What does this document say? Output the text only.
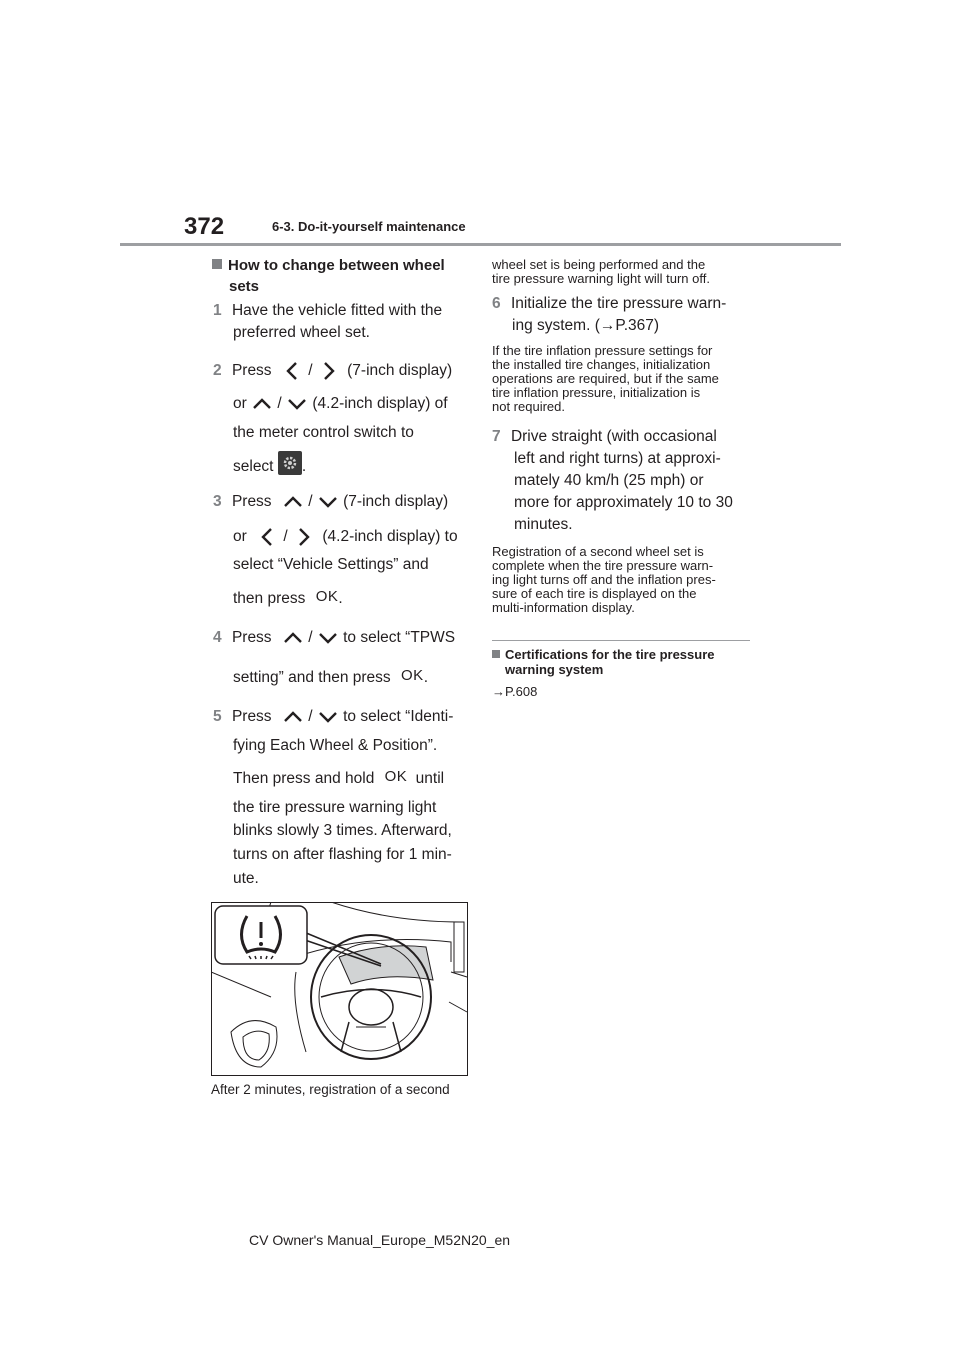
372	6-3. Do-it-yourself maintenance
How to change between wheel
sets
1 Have the vehicle fitted with the
preferred wheel set.
2 Press / (7-inch display)
or / (4.2-inch display) of
the meter control switch to
select .
3 Press / (7-inch display)
or / (4.2-inch display) to
select “Vehicle Settings” and
then press OK.
4 Press / to select “TPWS
setting” and then press OK.
5 Press / to select “Identi-
fying Each Wheel & Position”.
Then press and hold OK until
the tire pressure warning light
blinks slowly 3 times. Afterward,
turns on after flashing for 1 min-
ute.
After 2 minutes, registration of a second
wheel set is being performed and the
tire pressure warning light will turn off.
6 Initialize the tire pressure warn-
ing system. (→P.367)
If the tire inflation pressure settings for
the installed tire changes, initialization
operations are required, but if the same
tire inflation pressure, initialization is
not required.
7 Drive straight (with occasional
left and right turns) at approxi-
mately 40 km/h (25 mph) or
more for approximately 10 to 30
minutes.
Registration of a second wheel set is
complete when the tire pressure warn-
ing light turns off and the inflation pres-
sure of each tire is displayed on the
multi-information display.
Certifications for the tire pressure
warning system
→P.608
CV Owner's Manual_Europe_M52N20_en
